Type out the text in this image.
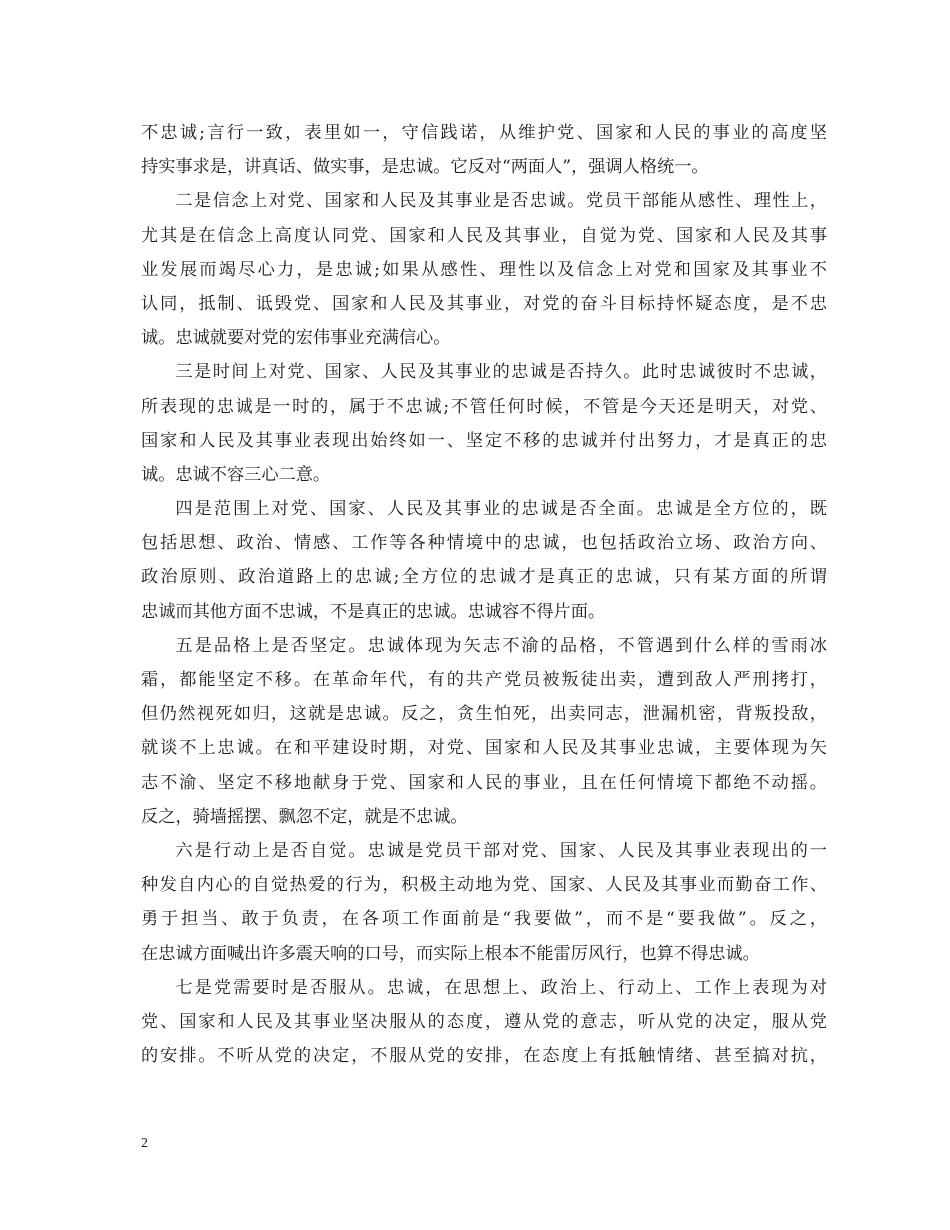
不忠诚;言行一致，表里如一，守信践诺，从维护党、国家和人民的事业的高度坚
持实事求是，讲真话、做实事，是忠诚。它反对“两面人”，强调人格统一。
二是信念上对党、国家和人民及其事业是否忠诚。党员干部能从感性、理性上，
尤其是在信念上高度认同党、国家和人民及其事业，自觉为党、国家和人民及其事
业发展而竭尽心力，是忠诚;如果从感性、理性以及信念上对党和国家及其事业不
认同，抵制、诋毁党、国家和人民及其事业，对党的奋斗目标持怀疑态度，是不忠
诚。忠诚就要对党的宏伟事业充满信心。
三是时间上对党、国家、人民及其事业的忠诚是否持久。此时忠诚彼时不忠诚，
所表现的忠诚是一时的，属于不忠诚;不管任何时候，不管是今天还是明天，对党、
国家和人民及其事业表现出始终如一、坚定不移的忠诚并付出努力，才是真正的忠
诚。忠诚不容三心二意。
四是范围上对党、国家、人民及其事业的忠诚是否全面。忠诚是全方位的，既
包括思想、政治、情感、工作等各种情境中的忠诚，也包括政治立场、政治方向、
政治原则、政治道路上的忠诚;全方位的忠诚才是真正的忠诚，只有某方面的所谓
忠诚而其他方面不忠诚，不是真正的忠诚。忠诚容不得片面。
五是品格上是否坚定。忠诚体现为矢志不渝的品格，不管遇到什么样的雪雨冰
霜，都能坚定不移。在革命年代，有的共产党员被叛徒出卖，遭到敌人严刑拷打，
但仍然视死如归，这就是忠诚。反之，贪生怕死，出卖同志，泄漏机密，背叛投敌，
就谈不上忠诚。在和平建设时期，对党、国家和人民及其事业忠诚，主要体现为矢
志不渝、坚定不移地献身于党、国家和人民的事业，且在任何情境下都绝不动摇。
反之，骑墙摇摆、飘忽不定，就是不忠诚。
六是行动上是否自觉。忠诚是党员干部对党、国家、人民及其事业表现出的一
种发自内心的自觉热爱的行为，积极主动地为党、国家、人民及其事业而勤奋工作、
勇于担当、敢于负责，在各项工作面前是“我要做”，而不是“要我做”。反之，
在忠诚方面喊出许多震天响的口号，而实际上根本不能雷厉风行，也算不得忠诚。
七是党需要时是否服从。忠诚，在思想上、政治上、行动上、工作上表现为对
党、国家和人民及其事业坚决服从的态度，遵从党的意志，听从党的决定，服从党
的安排。不听从党的决定，不服从党的安排，在态度上有抵触情绪、甚至搞对抗，
2
